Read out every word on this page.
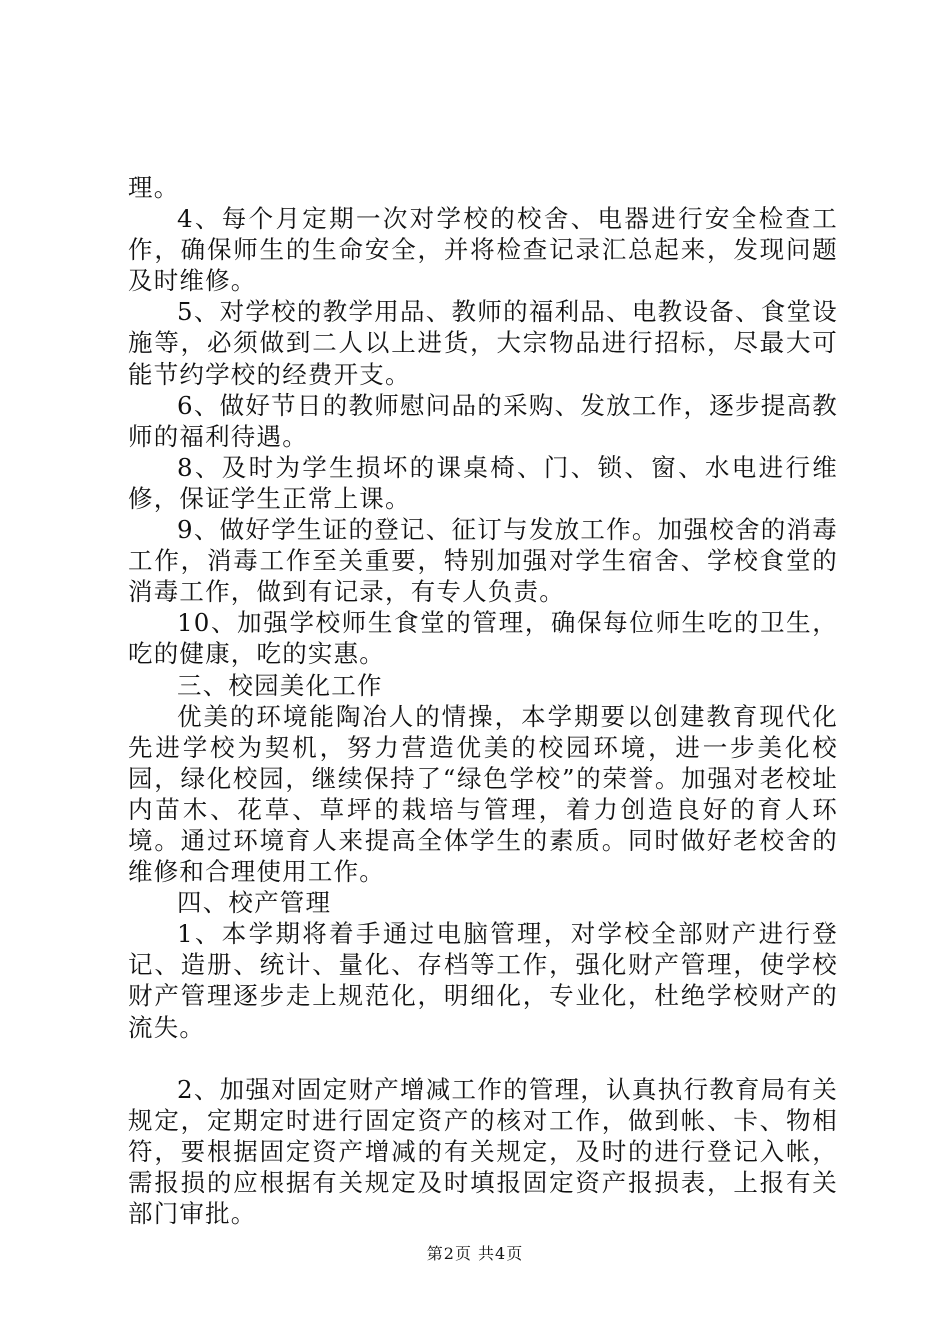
理。

4、每个月定期一次对学校的校舍、电器进行安全检查工作，确保师生的生命安全，并将检查记录汇总起来，发现问题及时维修。

5、对学校的教学用品、教师的福利品、电教设备、食堂设施等，必须做到二人以上进货，大宗物品进行招标，尽最大可能节约学校的经费开支。

6、做好节日的教师慰问品的采购、发放工作，逐步提高教师的福利待遇。

8、及时为学生损坏的课桌椅、门、锁、窗、水电进行维修，保证学生正常上课。

9、做好学生证的登记、征订与发放工作。加强校舍的消毒工作，消毒工作至关重要，特别加强对学生宿舍、学校食堂的消毒工作，做到有记录，有专人负责。

10、加强学校师生食堂的管理，确保每位师生吃的卫生，吃的健康，吃的实惠。

三、校园美化工作

优美的环境能陶冶人的情操，本学期要以创建教育现代化先进学校为契机，努力营造优美的校园环境，进一步美化校园，绿化校园，继续保持了“绿色学校”的荣誉。加强对老校址内苗木、花草、草坪的栽培与管理，着力创造良好的育人环境。通过环境育人来提高全体学生的素质。同时做好老校舍的维修和合理使用工作。

四、校产管理

1、本学期将着手通过电脑管理，对学校全部财产进行登记、造册、统计、量化、存档等工作，强化财产管理，使学校财产管理逐步走上规范化，明细化，专业化，杜绝学校财产的流失。

2、加强对固定财产增减工作的管理，认真执行教育局有关规定，定期定时进行固定资产的核对工作，做到帐、卡、物相符，要根据固定资产增减的有关规定，及时的进行登记入帐，需报损的应根据有关规定及时填报固定资产报损表，上报有关部门审批。

第2页 共4页
